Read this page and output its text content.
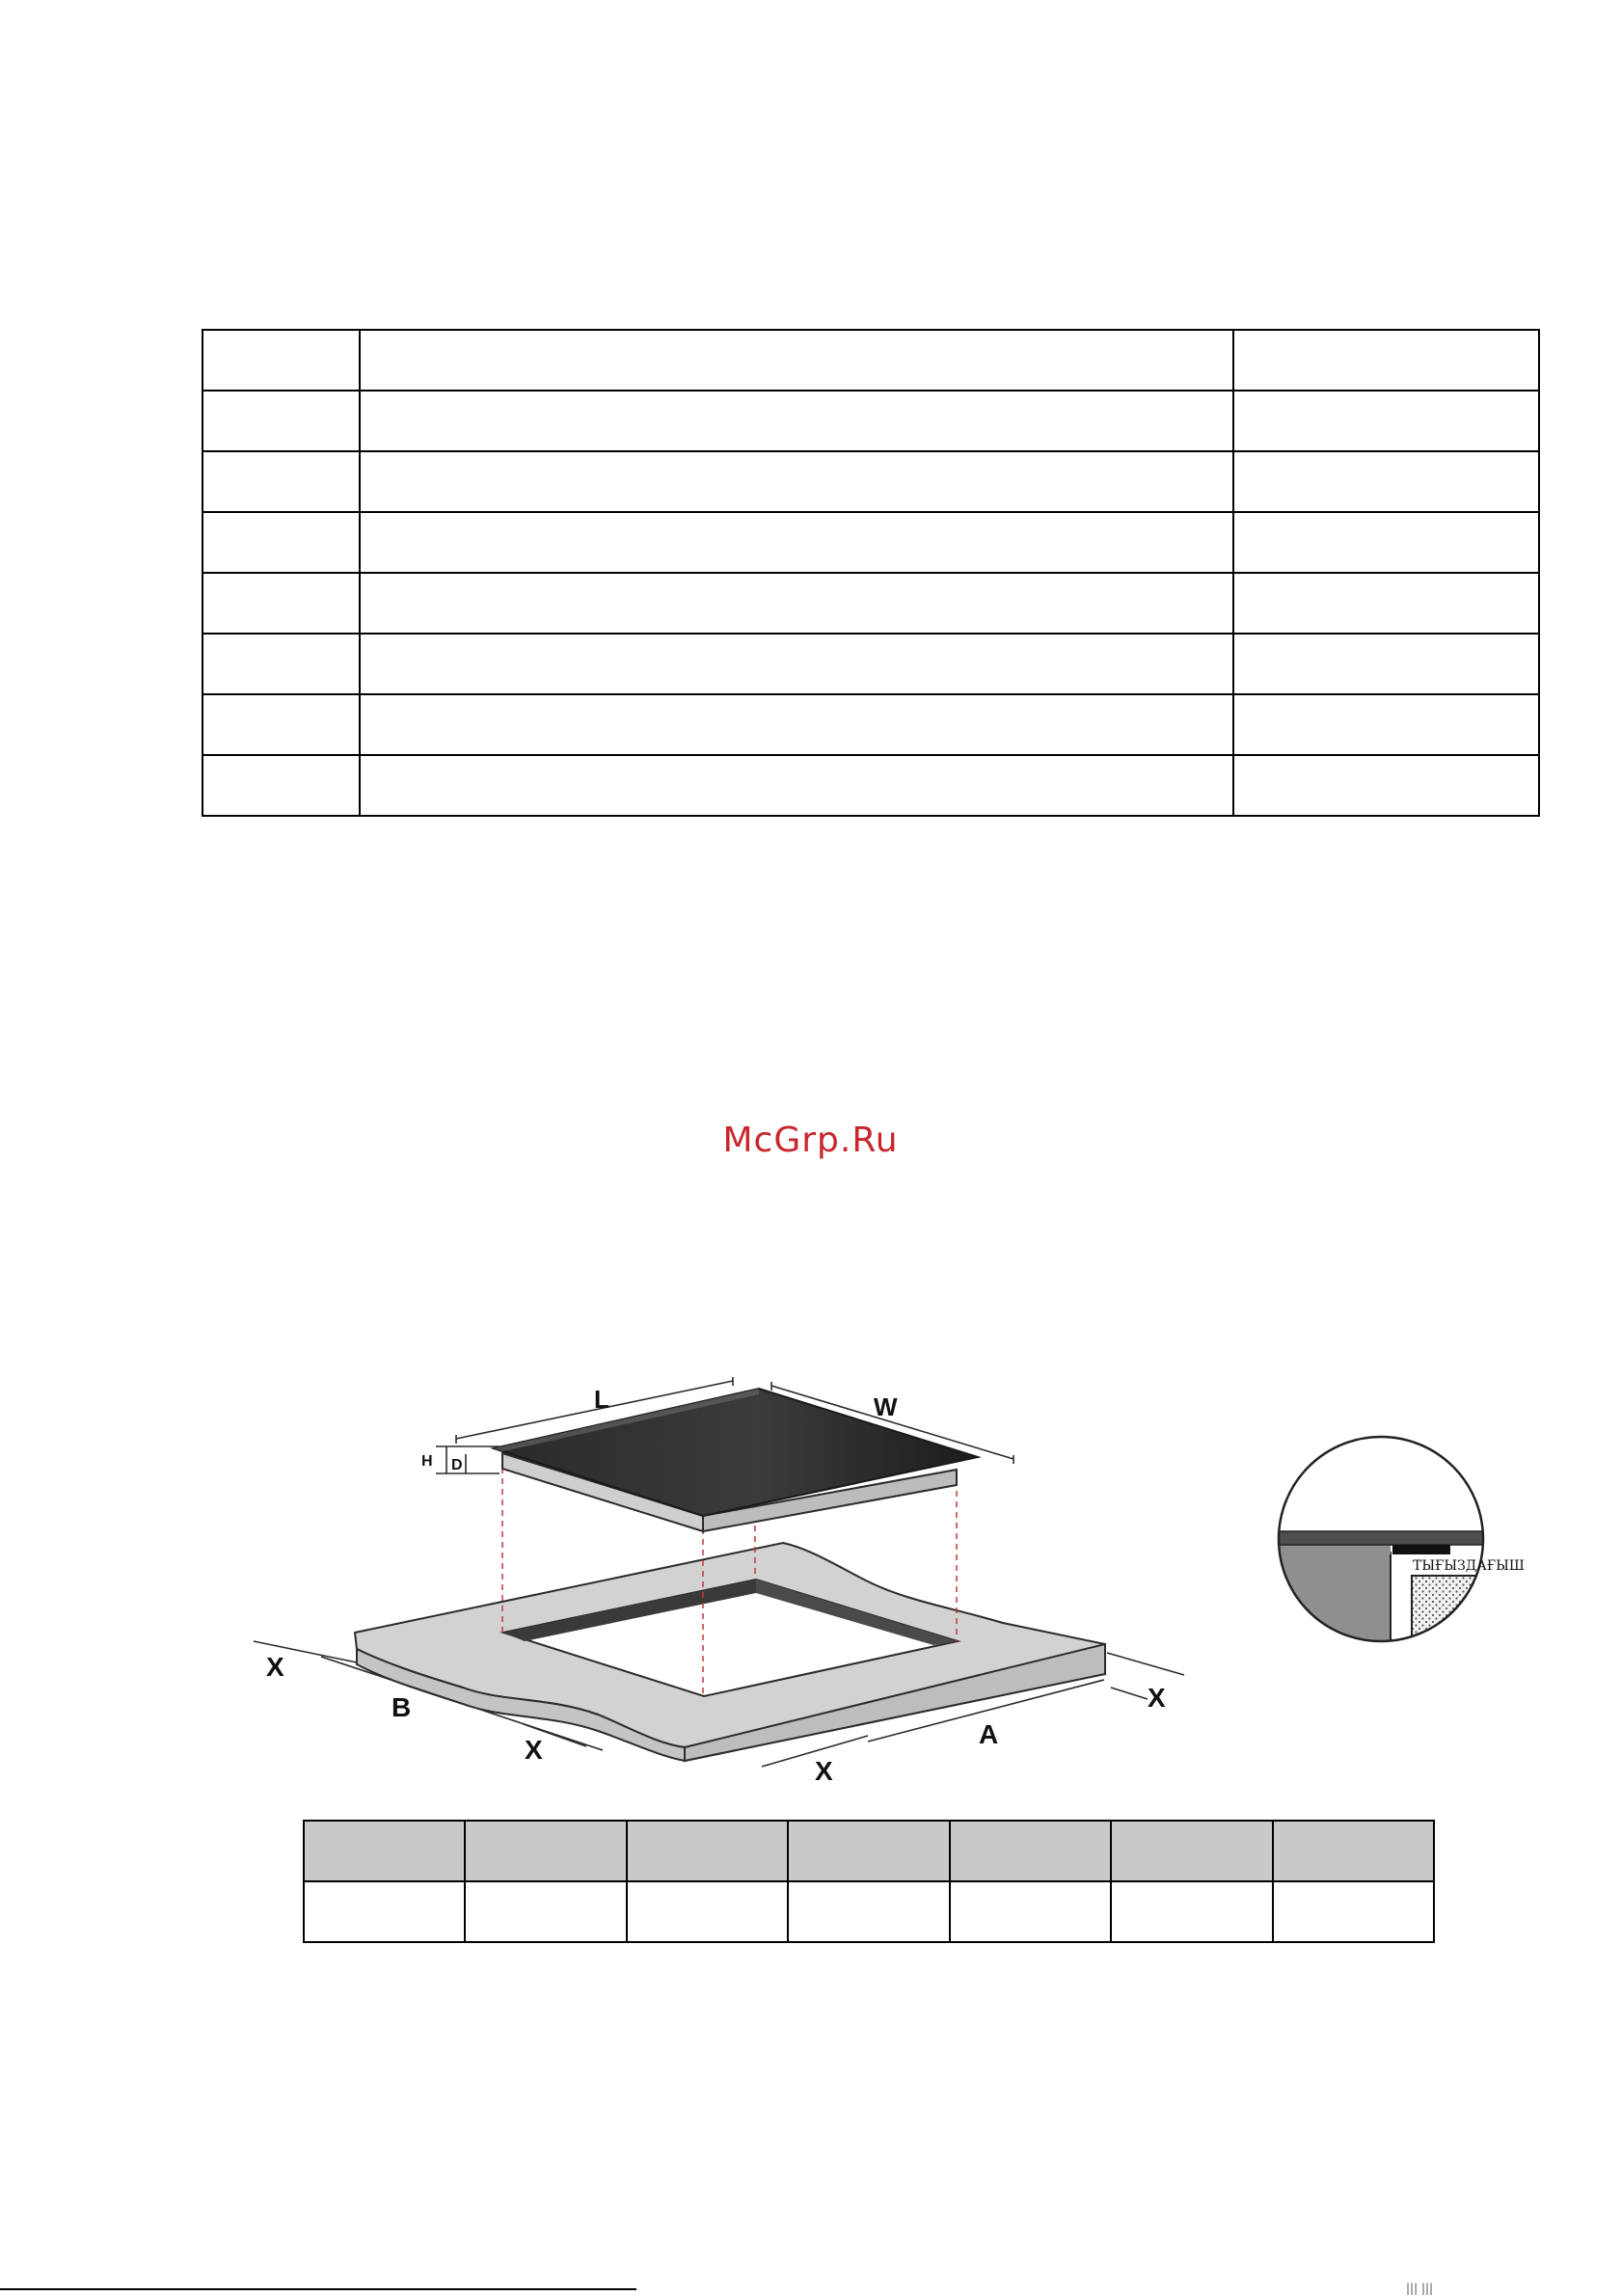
McGrp.Ru
L	W
H D
X
B
X
X
A
X
ТЫҒЫЗДАҒЫШ

||| |||
